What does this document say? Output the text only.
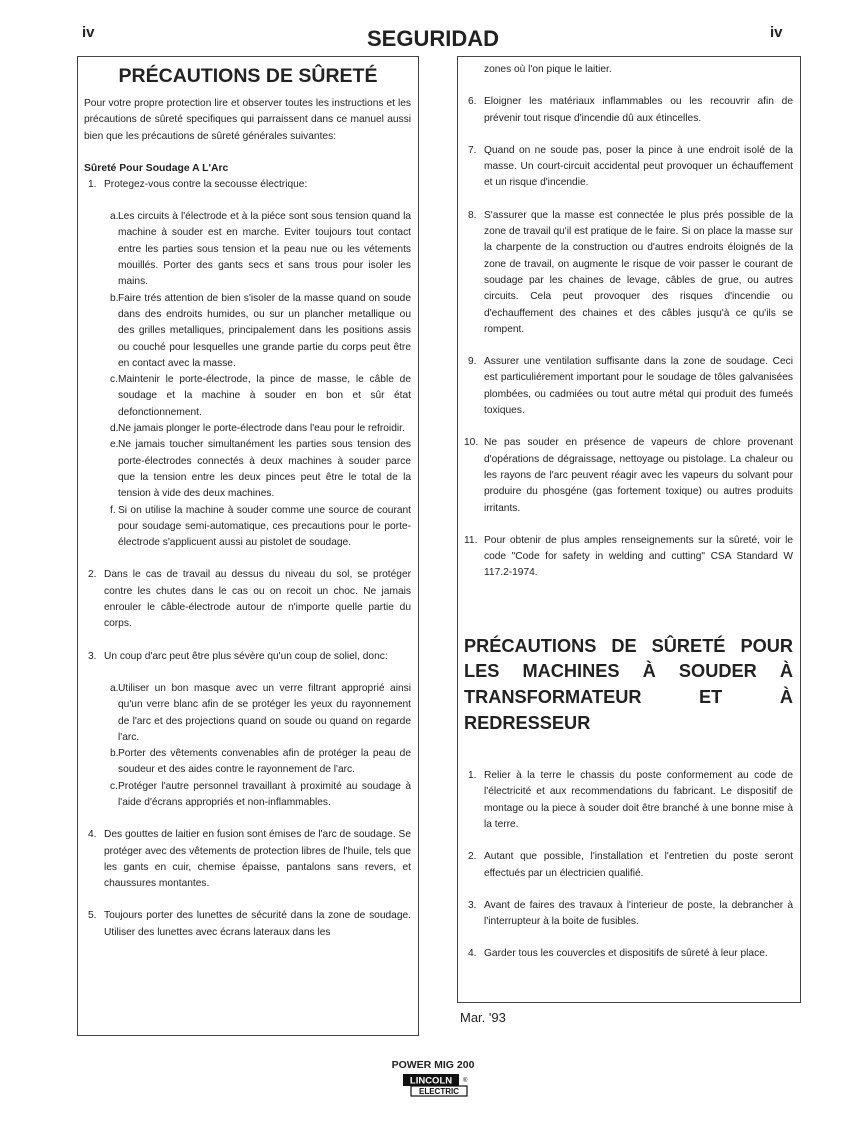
iv	SEGURIDAD	iv
PRÉCAUTIONS DE SÛRETÉ
Pour votre propre protection lire et observer toutes les instructions et les précautions de sûreté specifiques qui parraissent dans ce manuel aussi bien que les précautions de sûreté générales suivantes:
Sûreté Pour Soudage A L'Arc
1. Protegez-vous contre la secousse électrique:
a. Les circuits à l'électrode et à la piéce sont sous tension quand la machine à souder est en marche. Eviter toujours tout contact entre les parties sous tension et la peau nue ou les vétements mouillés. Porter des gants secs et sans trous pour isoler les mains.
b. Faire trés attention de bien s'isoler de la masse quand on soude dans des endroits humides, ou sur un plancher metallique ou des grilles metalliques, principalement dans les positions assis ou couché pour lesquelles une grande partie du corps peut être en contact avec la masse.
c. Maintenir le porte-électrode, la pince de masse, le câble de soudage et la machine à souder en bon et sûr état defonctionnement.
d. Ne jamais plonger le porte-électrode dans l'eau pour le refroidir.
e. Ne jamais toucher simultanément les parties sous tension des porte-électrodes connectés à deux machines à souder parce que la tension entre les deux pinces peut être le total de la tension à vide des deux machines.
f. Si on utilise la machine à souder comme une source de courant pour soudage semi-automatique, ces precautions pour le porte-électrode s'applicuent aussi au pistolet de soudage.
2. Dans le cas de travail au dessus du niveau du sol, se protéger contre les chutes dans le cas ou on recoit un choc. Ne jamais enrouler le câble-électrode autour de n'importe quelle partie du corps.
3. Un coup d'arc peut être plus sévère qu'un coup de soliel, donc:
a. Utiliser un bon masque avec un verre filtrant approprié ainsi qu'un verre blanc afin de se protéger les yeux du rayonnement de l'arc et des projections quand on soude ou quand on regarde l'arc.
b. Porter des vêtements convenables afin de protéger la peau de soudeur et des aides contre le rayonnement de l'arc.
c. Protéger l'autre personnel travaillant à proximité au soudage à l'aide d'écrans appropriés et non-inflammables.
4. Des gouttes de laitier en fusion sont émises de l'arc de soudage. Se protéger avec des vêtements de protection libres de l'huile, tels que les gants en cuir, chemise épaisse, pantalons sans revers, et chaussures montantes.
5. Toujours porter des lunettes de sécurité dans la zone de soudage. Utiliser des lunettes avec écrans lateraux dans les
zones où l'on pique le laitier.
6. Eloigner les matériaux inflammables ou les recouvrir afin de prévenir tout risque d'incendie dû aux étincelles.
7. Quand on ne soude pas, poser la pince à une endroit isolé de la masse. Un court-circuit accidental peut provoquer un échauffement et un risque d'incendie.
8. S'assurer que la masse est connectée le plus prés possible de la zone de travail qu'il est pratique de le faire. Si on place la masse sur la charpente de la construction ou d'autres endroits éloignés de la zone de travail, on augmente le risque de voir passer le courant de soudage par les chaines de levage, câbles de grue, ou autres circuits. Cela peut provoquer des risques d'incendie ou d'echauffement des chaines et des câbles jusqu'à ce qu'ils se rompent.
9. Assurer une ventilation suffisante dans la zone de soudage. Ceci est particuliérement important pour le soudage de tôles galvanisées plombées, ou cadmiées ou tout autre métal qui produit des fumeés toxiques.
10. Ne pas souder en présence de vapeurs de chlore provenant d'opérations de dégraissage, nettoyage ou pistolage. La chaleur ou les rayons de l'arc peuvent réagir avec les vapeurs du solvant pour produire du phosgéne (gas fortement toxique) ou autres produits irritants.
11. Pour obtenir de plus amples renseignements sur la sûreté, voir le code "Code for safety in welding and cutting" CSA Standard W 117.2-1974.
PRÉCAUTIONS DE SÛRETÉ POUR LES MACHINES À SOUDER À TRANSFORMATEUR ET À REDRESSEUR
1. Relier à la terre le chassis du poste conformement au code de l'électricité et aux recommendations du fabricant. Le dispositif de montage ou la piece à souder doit être branché à une bonne mise à la terre.
2. Autant que possible, l'installation et l'entretien du poste seront effectués par un électricien qualifié.
3. Avant de faires des travaux à l'interieur de poste, la debrancher à l'interrupteur à la boite de fusibles.
4. Garder tous les couvercles et dispositifs de sûreté à leur place.
Mar. '93
POWER MIG 200
LINCOLN
ELECTRIC
®
